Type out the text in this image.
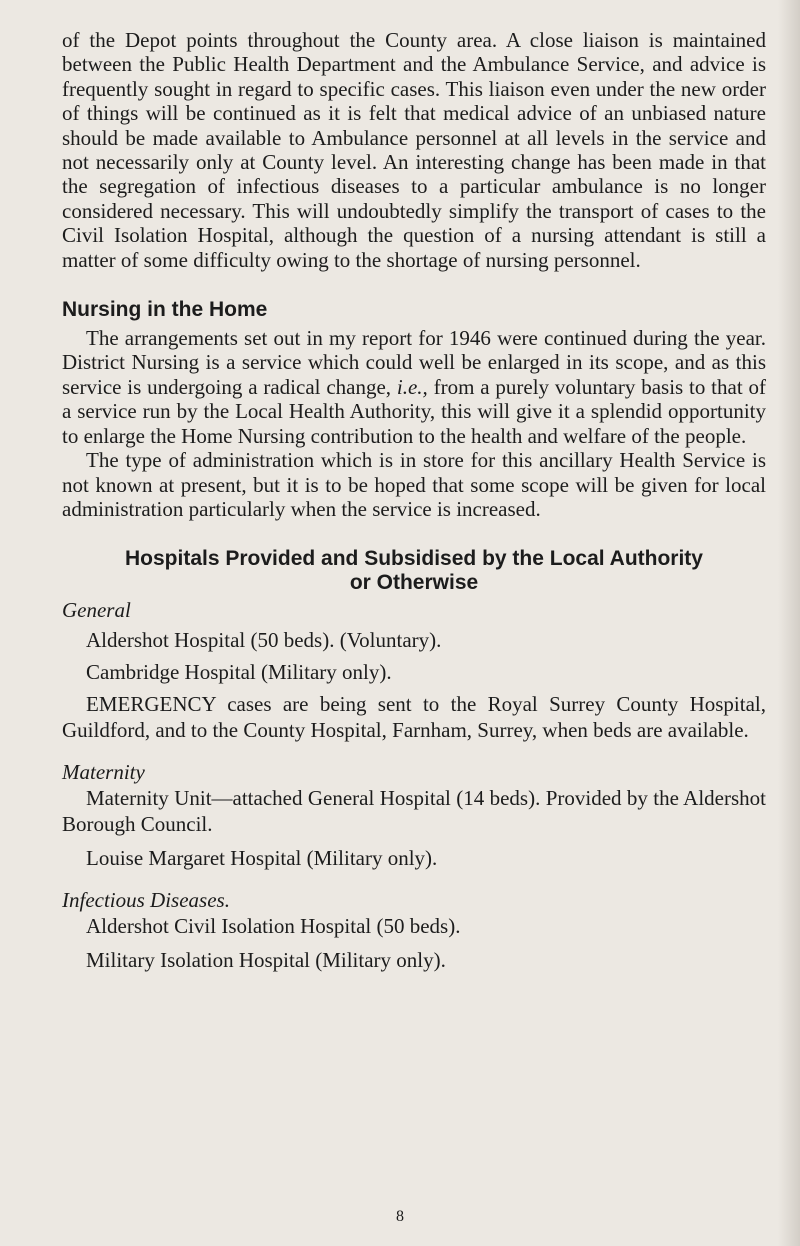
of the Depot points throughout the County area. A close liaison is maintained between the Public Health Department and the Ambulance Service, and advice is frequently sought in regard to specific cases. This liaison even under the new order of things will be continued as it is felt that medical advice of an unbiased nature should be made available to Ambulance personnel at all levels in the service and not necessarily only at County level. An interesting change has been made in that the segregation of infectious diseases to a particular ambulance is no longer considered necessary. This will undoubtedly simplify the transport of cases to the Civil Isolation Hospital, although the question of a nursing attendant is still a matter of some difficulty owing to the shortage of nursing personnel.

Nursing in the Home

The arrangements set out in my report for 1946 were continued during the year. District Nursing is a service which could well be enlarged in its scope, and as this service is undergoing a radical change, i.e., from a purely voluntary basis to that of a service run by the Local Health Authority, this will give it a splendid opportunity to enlarge the Home Nursing contribution to the health and welfare of the people.

The type of administration which is in store for this ancillary Health Service is not known at present, but it is to be hoped that some scope will be given for local administration particularly when the service is increased.

Hospitals Provided and Subsidised by the Local Authority
or Otherwise
General

Aldershot Hospital (50 beds). (Voluntary).

Cambridge Hospital (Military only).

EMERGENCY cases are being sent to the Royal Surrey County Hospital, Guildford, and to the County Hospital, Farnham, Surrey, when beds are available.

Maternity

Maternity Unit—attached General Hospital (14 beds). Provided by the Aldershot Borough Council.

Louise Margaret Hospital (Military only).

Infectious Diseases.

Aldershot Civil Isolation Hospital (50 beds).

Military Isolation Hospital (Military only).

8
